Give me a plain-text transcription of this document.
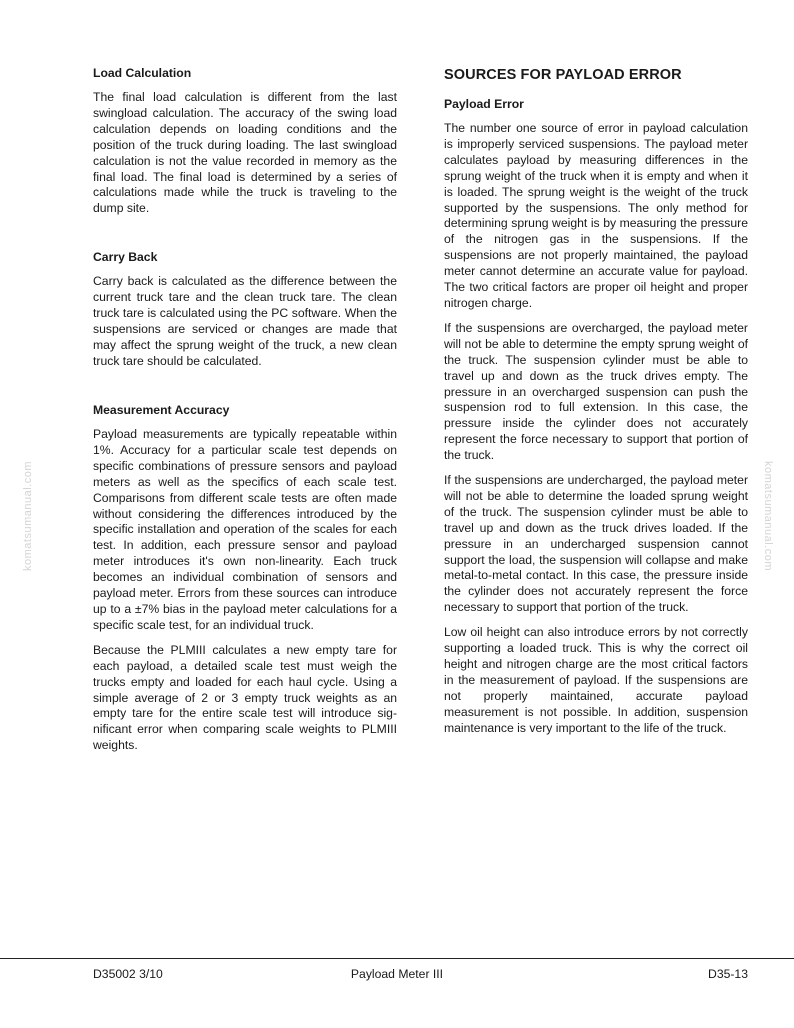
komatsumanual.com	komatsumanual.com
Load Calculation

The final load calculation is different from the last swingload calculation. The accuracy of the swing load calculation depends on loading conditions and the position of the truck during loading. The last swingload calculation is not the value recorded in memory as the final load. The final load is determined by a series of calculations made while the truck is traveling to the dump site.

Carry Back

Carry back is calculated as the difference between the current truck tare and the clean truck tare. The clean truck tare is calculated using the PC software. When the suspensions are serviced or changes are made that may affect the sprung weight of the truck, a new clean truck tare should be calculated.

Measurement Accuracy

Payload measurements are typically repeatable within 1%. Accuracy for a particular scale test depends on specific combinations of pressure sensors and payload meters as well as the specifics of each scale test. Comparisons from different scale tests are often made without considering the differences introduced by the specific installation and operation of the scales for each test. In addition, each pressure sensor and payload meter introduces it's own non-linearity. Each truck becomes an individual combination of sensors and payload meter. Errors from these sources can introduce up to a ±7% bias in the payload meter calculations for a specific scale test, for an individual truck.

Because the PLMIII calculates a new empty tare for each payload, a detailed scale test must weigh the trucks empty and loaded for each haul cycle. Using a simple average of 2 or 3 empty truck weights as an empty tare for the entire scale test will introduce significant error when comparing scale weights to PLMIII weights.

SOURCES FOR PAYLOAD ERROR
Payload Error

The number one source of error in payload calculation is improperly serviced suspensions. The payload meter calculates payload by measuring differences in the sprung weight of the truck when it is empty and when it is loaded. The sprung weight is the weight of the truck supported by the suspensions. The only method for determining sprung weight is by measuring the pressure of the nitrogen gas in the suspensions. If the suspensions are not properly maintained, the payload meter cannot determine an accurate value for payload. The two critical factors are proper oil height and proper nitrogen charge.

If the suspensions are overcharged, the payload meter will not be able to determine the empty sprung weight of the truck. The suspension cylinder must be able to travel up and down as the truck drives empty. The pressure in an overcharged suspension can push the suspension rod to full extension. In this case, the pressure inside the cylinder does not accurately represent the force necessary to support that portion of the truck.

If the suspensions are undercharged, the payload meter will not be able to determine the loaded sprung weight of the truck. The suspension cylinder must be able to travel up and down as the truck drives loaded. If the pressure in an undercharged suspension cannot support the load, the suspension will collapse and make metal-to-metal contact. In this case, the pressure inside the cylinder does not accurately represent the force necessary to support that portion of the truck.

Low oil height can also introduce errors by not correctly supporting a loaded truck. This is why the correct oil height and nitrogen charge are the most critical factors in the measurement of payload. If the suspensions are not properly maintained, accurate payload measurement is not possible. In addition, suspension maintenance is very important to the life of the truck.

D35002 3/10	Payload Meter III	D35-13
